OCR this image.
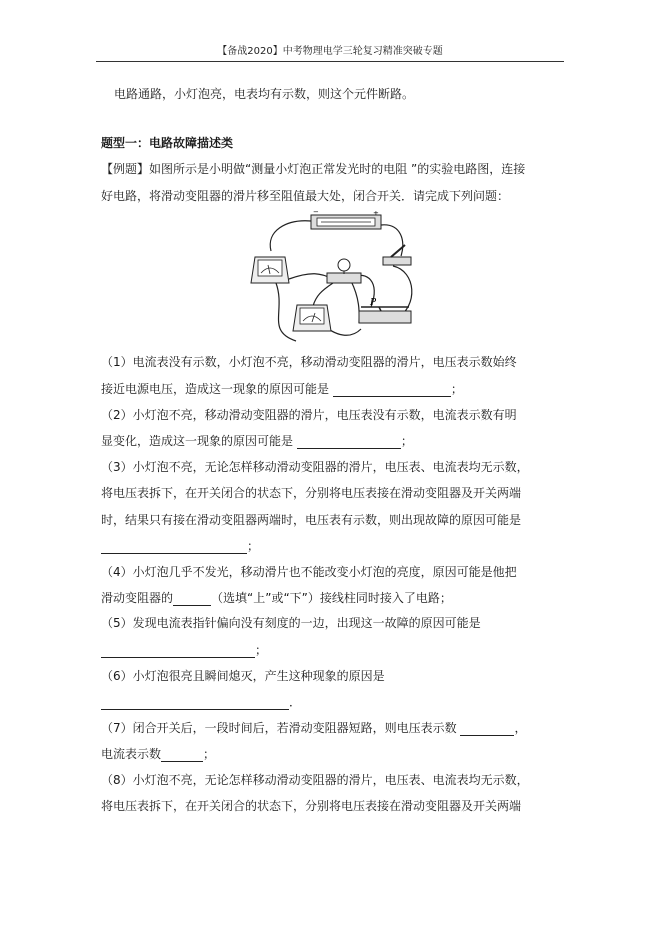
【备战2020】中考物理电学三轮复习精准突破专题
电路通路，小灯泡亮，电表均有示数，则这个元件断路。
题型一：电路故障描述类
【例题】如图所示是小明做“测量小灯泡正常发光时的电阻 ”的实验电路图，连接
好电路，将滑动变阻器的滑片移至阻值最大处，闭合开关．请完成下列问题：
−	+
P
（1）电流表没有示数，小灯泡不亮，移动滑动变阻器的滑片，电压表示数始终
接近电源电压，造成这一现象的原因可能是	；
（2）小灯泡不亮，移动滑动变阻器的滑片，电压表没有示数，电流表示数有明
显变化，造成这一现象的原因可能是	；
（3）小灯泡不亮，无论怎样移动滑动变阻器的滑片，电压表、电流表均无示数，
将电压表拆下，在开关闭合的状态下，分别将电压表接在滑动变阻器及开关两端
时，结果只有接在滑动变阻器两端时，电压表有示数，则出现故障的原因可能是
；
（4）小灯泡几乎不发光，移动滑片也不能改变小灯泡的亮度，原因可能是他把
滑动变阻器的	（选填“上”或“下”）接线柱同时接入了电路；
（5）发现电流表指针偏向没有刻度的一边，出现这一故障的原因可能是
；
（6）小灯泡很亮且瞬间熄灭，产生这种现象的原因是
．
（7）闭合开关后，一段时间后，若滑动变阻器短路，则电压表示数	，
电流表示数	；
（8）小灯泡不亮，无论怎样移动滑动变阻器的滑片，电压表、电流表均无示数，
将电压表拆下，在开关闭合的状态下，分别将电压表接在滑动变阻器及开关两端
